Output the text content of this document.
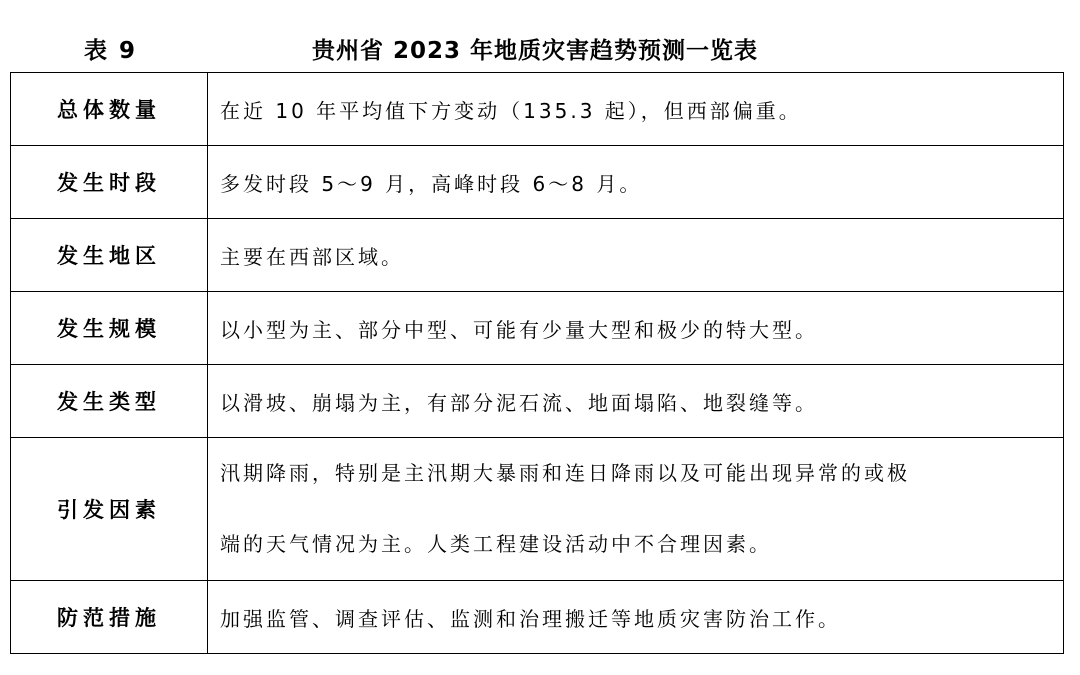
表 9	贵州省 2023 年地质灾害趋势预测一览表
总体数量	在近 10 年平均值下方变动（135.3 起），但西部偏重。
发生时段	多发时段 5～9 月，高峰时段 6～8 月。
发生地区	主要在西部区域。
发生规模	以小型为主、部分中型、可能有少量大型和极少的特大型。
发生类型	以滑坡、崩塌为主，有部分泥石流、地面塌陷、地裂缝等。
引发因素	汛期降雨，特别是主汛期大暴雨和连日降雨以及可能出现异常的或极
端的天气情况为主。人类工程建设活动中不合理因素。

防范措施	加强监管、调查评估、监测和治理搬迁等地质灾害防治工作。
